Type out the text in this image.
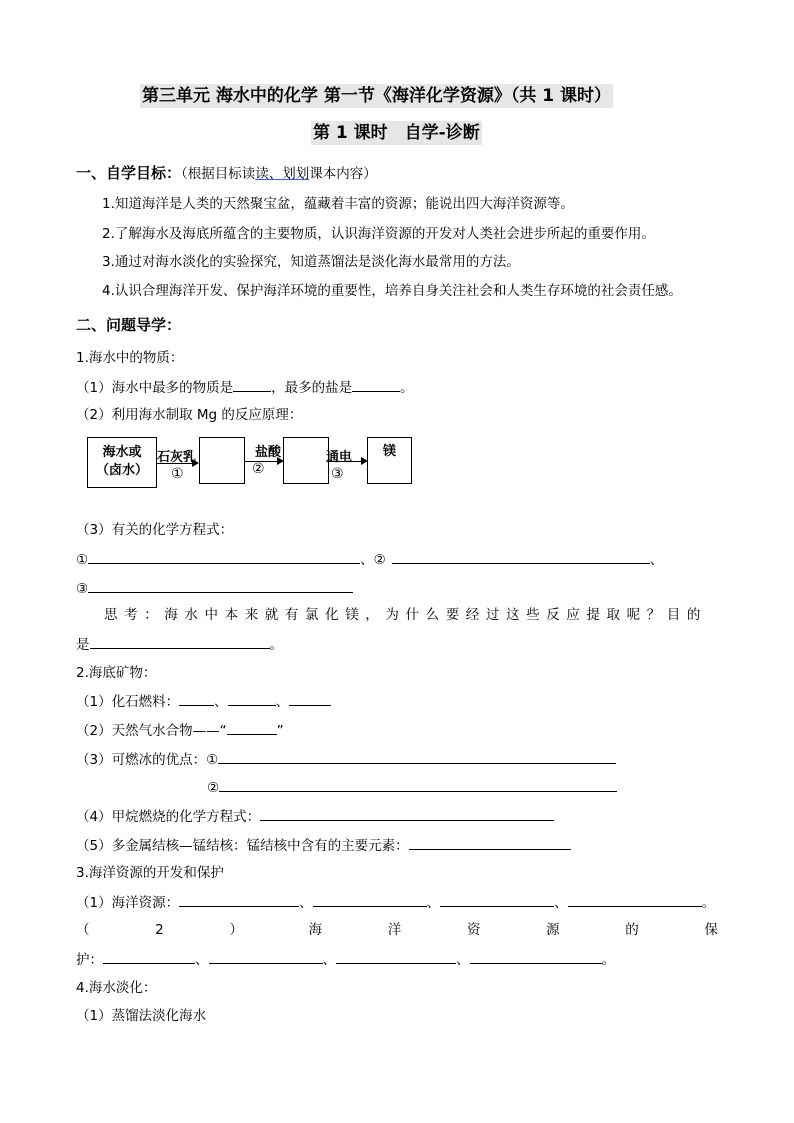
第三单元 海水中的化学 第一节《海洋化学资源》（共 1 课时）
第 1 课时　自学-诊断
一、自学目标：（根据目标读读、划划课本内容）
1.知道海洋是人类的天然聚宝盆，蕴藏着丰富的资源；能说出四大海洋资源等。
2.了解海水及海底所蕴含的主要物质，认识海洋资源的开发对人类社会进步所起的重要作用。
3.通过对海水淡化的实验探究，知道蒸馏法是淡化海水最常用的方法。
4.认识合理海洋开发、保护海洋环境的重要性，培养自身关注社会和人类生存环境的社会责任感。
二、问题导学：
1.海水中的物质：
（1）海水中最多的物质是	，最多的盐是	。
（2）利用海水制取 Mg 的反应原理：
海水或
（卤水）
石灰乳
①
盐酸
②
通电
③
镁
（3）有关的化学方程式：
①	、②	、
③
思考：海水中本来就有氯化镁，为什么要经过这些反应提取呢？目的
是	。
2.海底矿物：
（1）化石燃料：	、	、
（2）天然气水合物——“	”
（3）可燃冰的优点：①
②
（4）甲烷燃烧的化学方程式：
（5）多金属结核—锰结核：锰结核中含有的主要元素：
3.海洋资源的开发和保护
（1）海洋资源：	、	、	、	。
（	2	）	海	洋	资	源	的	保
护：	、	、	、	。
4.海水淡化：
（1）蒸馏法淡化海水
